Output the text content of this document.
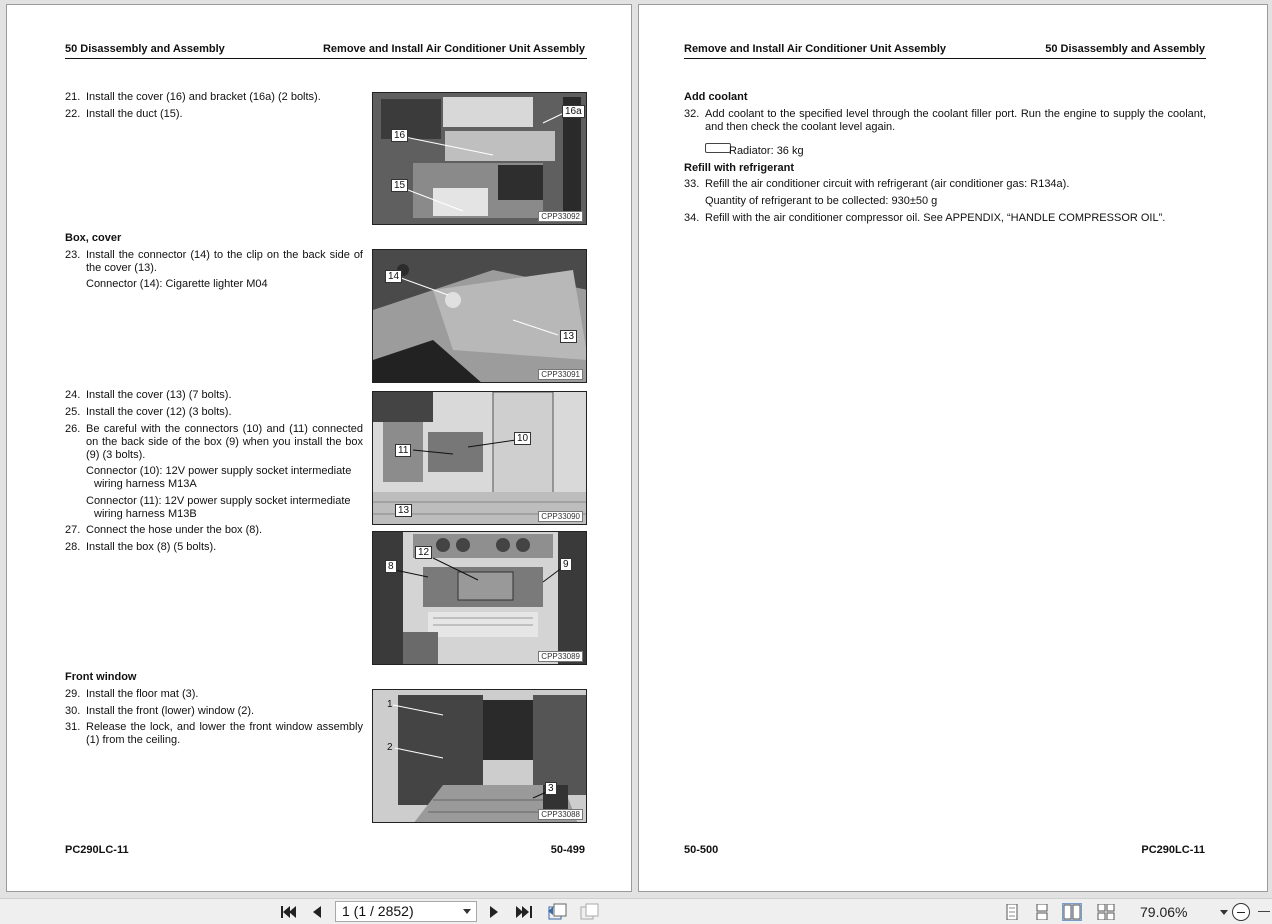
50 Disassembly and Assembly	Remove and Install Air Conditioner Unit Assembly
21. Install the cover (16) and bracket (16a) (2 bolts).
22. Install the duct (15).	16a
16
15
CPP33092
Box, cover
23. Install the connector (14) to the clip on the back side of the cover (13).
Connector (14): Cigarette lighter M04
14
13
CPP33091
24. Install the cover (13) (7 bolts).
25. Install the cover (12) (3 bolts).
26. Be careful with the connectors (10) and (11) connected on the back side of the box (9) when you install the box (9) (3 bolts).
Connector (10): 12V power supply socket intermediate wiring harness M13A
Connector (11): 12V power supply socket intermediate wiring harness M13B
10
11
13
CPP33090
27. Connect the hose under the box (8).
28. Install the box (8) (5 bolts).	12
8	9
CPP33089
Front window
29. Install the floor mat (3).
30. Install the front (lower) window (2).
31. Release the lock, and lower the front window assembly (1) from the ceiling.
1
2
3
CPP33088
PC290LC-11	50-499
Remove and Install Air Conditioner Unit Assembly	50 Disassembly and Assembly
Add coolant
32. Add coolant to the specified level through the coolant filler port. Run the engine to supply the coolant, and then check the coolant level again.
Radiator: 36 kg
Refill with refrigerant
33. Refill the air conditioner circuit with refrigerant (air conditioner gas: R134a).
Quantity of refrigerant to be collected: 930±50 g
34. Refill with the air conditioner compressor oil. See APPENDIX, “HANDLE COMPRESSOR OIL”.
50-500	PC290LC-11
1 (1 / 2852)	79.06%
